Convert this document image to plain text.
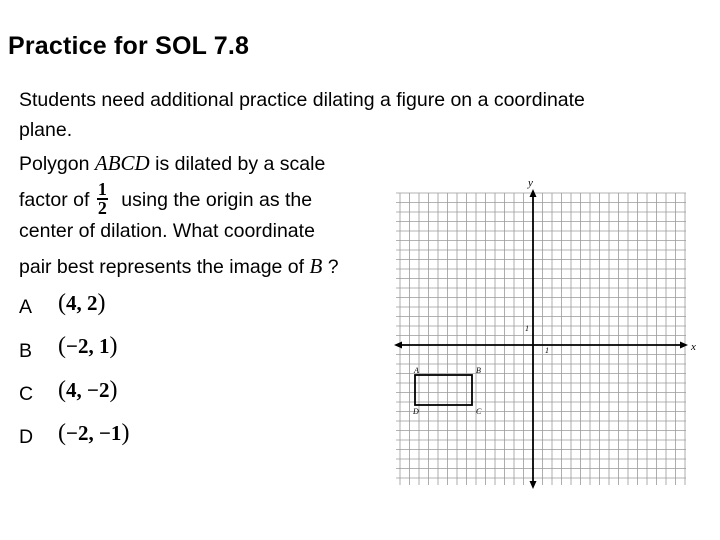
Practice for SOL 7.8
Students need additional practice dilating a figure on a coordinate
plane.
Polygon ABCD is dilated by a scale
factor of $\frac{1}{2}$ using the origin as the
center of dilation. What coordinate
pair best represents the image of B ?
A (4, 2)
B (−2, 1)
C (4, −2)
D (−2, −1)
y
x
1
1
A	B
D	C
